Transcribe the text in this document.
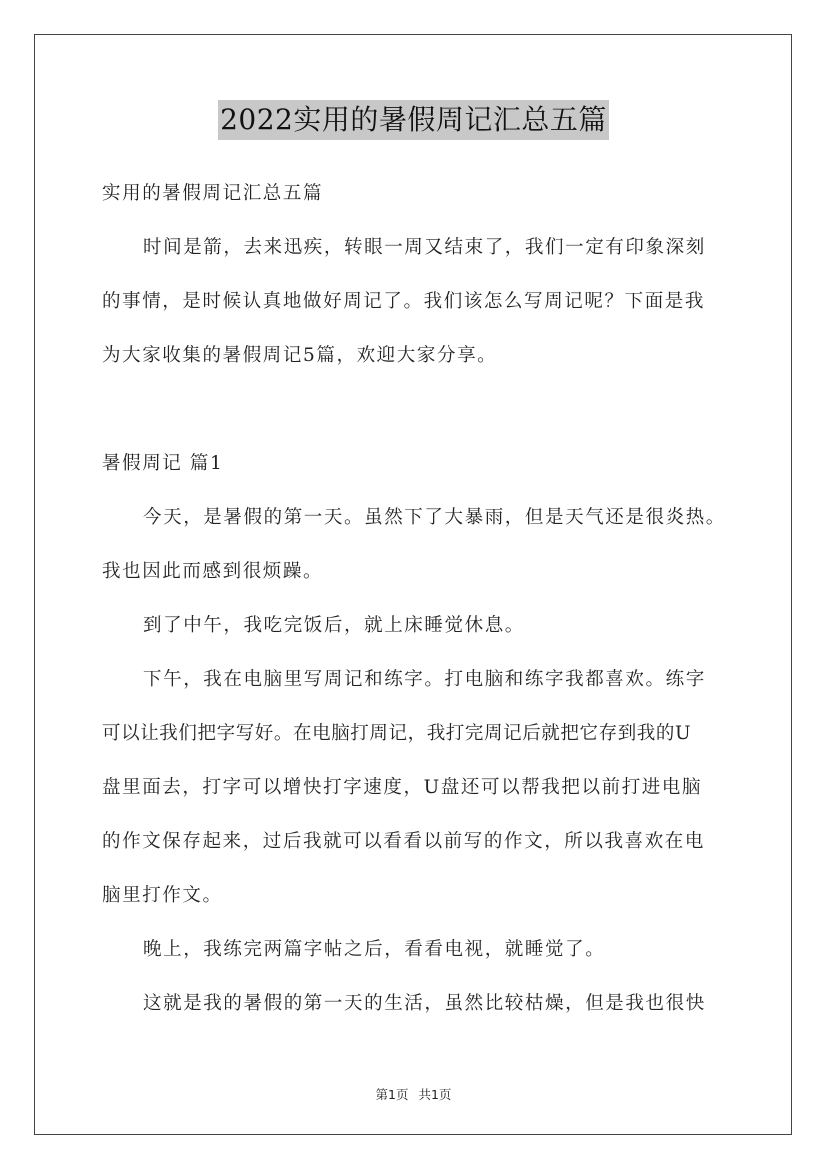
2022实用的暑假周记汇总五篇
实用的暑假周记汇总五篇
时间是箭，去来迅疾，转眼一周又结束了，我们一定有印象深刻
的事情，是时候认真地做好周记了。我们该怎么写周记呢？下面是我
为大家收集的暑假周记5篇，欢迎大家分享。
暑假周记 篇1
今天，是暑假的第一天。虽然下了大暴雨，但是天气还是很炎热。
我也因此而感到很烦躁。
到了中午，我吃完饭后，就上床睡觉休息。
下午，我在电脑里写周记和练字。打电脑和练字我都喜欢。练字
可以让我们把字写好。在电脑打周记，我打完周记后就把它存到我的U
盘里面去，打字可以增快打字速度，U盘还可以帮我把以前打进电脑
的作文保存起来，过后我就可以看看以前写的作文，所以我喜欢在电
脑里打作文。
晚上，我练完两篇字帖之后，看看电视，就睡觉了。
这就是我的暑假的第一天的生活，虽然比较枯燥，但是我也很快
第1页 共1页
